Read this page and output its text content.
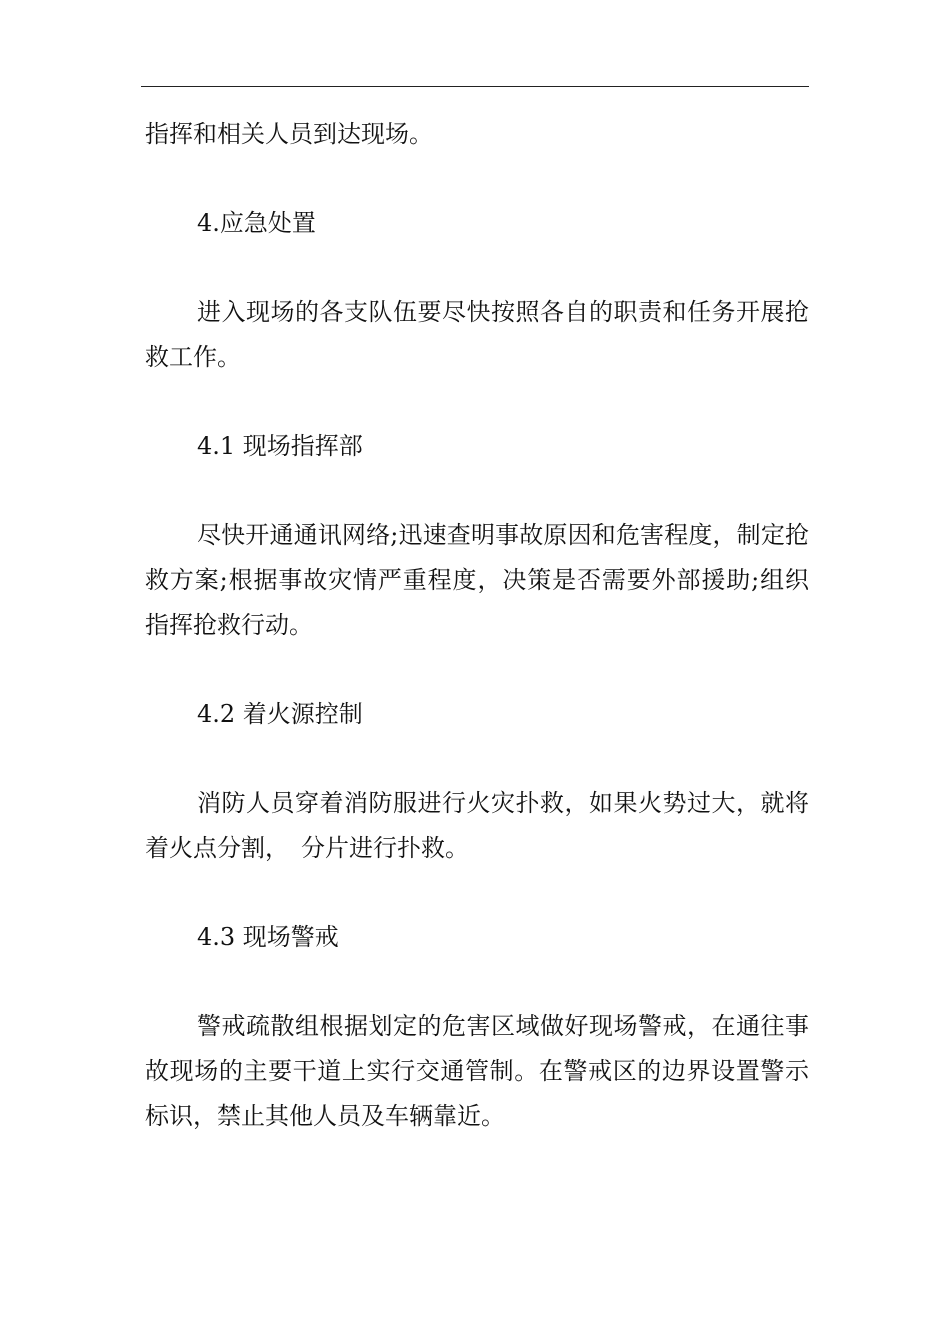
指挥和相关人员到达现场。

4.应急处置

进入现场的各支队伍要尽快按照各自的职责和任务开展抢救工作。

4.1 现场指挥部

尽快开通通讯网络;迅速查明事故原因和危害程度，制定抢救方案;根据事故灾情严重程度，决策是否需要外部援助;组织指挥抢救行动。

4.2 着火源控制

消防人员穿着消防服进行火灾扑救，如果火势过大，就将着火点分割，　分片进行扑救。

4.3 现场警戒

警戒疏散组根据划定的危害区域做好现场警戒，在通往事故现场的主要干道上实行交通管制。在警戒区的边界设置警示标识，禁止其他人员及车辆靠近。
